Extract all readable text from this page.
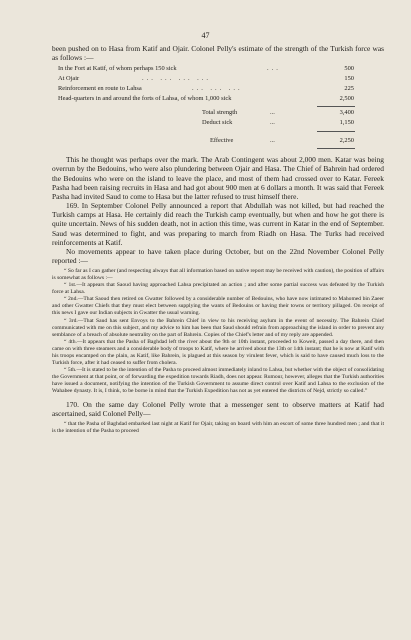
47

been pushed on to Hasa from Katif and Ojair. Colonel Pelly's estimate of the strength of the Turkish force was as follows :—

In the Fort at Katif, of whom perhaps 150 sick	...	500
At Ojair	... ... ... ...	150
Reinforcement en route to Lahsa	... ... ...	225
Head-quarters in and around the forts of Lahsa, of whom 1,000 sick	2,500
Total strength	...	3,400
Deduct sick	...	1,150
Effective	...	2,250

This he thought was perhaps over the mark. The Arab Contingent was about 2,000 men. Katar was being overrun by the Bedouins, who were also plundering between Ojair and Hasa. The Chief of Bahrein had ordered the Bedouins who were on the island to leave the place, and most of them had crossed over to Katar. Fereek Pasha had been raising recruits in Hasa and had got about 900 men at 6 dollars a month. It was said that Fereek Pasha had invited Saud to come to Hasa but the latter refused to trust himself there.

169. In September Colonel Pelly announced a report that Abdullah was not killed, but had reached the Turkish camps at Hasa. He certainly did reach the Turkish camp eventually, but when and how he got there is quite uncertain. News of his sudden death, not in action this time, was current in Katar in the end of September. Saud was determined to fight, and was preparing to march from Riadh on Hasa. The Turks had received reinforcements at Katif.

No movements appear to have taken place during October, but on the 22nd November Colonel Pelly reported :—

“ So far as I can gather (and respecting always that all information based on native report may be received with caution), the position of affairs is somewhat as follows :—

“ 1st.—It appears that Saoud having approached Lahsa precipitated an action ; and after some partial success was defeated by the Turkish force at Lahsa.

“ 2nd.—That Saoud then retired on Gwatter followed by a considerable number of Bedouins, who have now intimated to Mahomed bin Zaeer and other Gwatter Chiefs that they must elect between supplying the wants of Bedouins or having their towns or territory pillaged. On receipt of this news I gave our Indian subjects in Gwatter the usual warning.

“ 3rd.—That Saud has sent Envoys to the Bahrein Chief in view to his receiving asylum in the event of necessity. The Bahrein Chief communicated with me on this subject, and my advice to him has been that Saud should refrain from approaching the island in order to prevent any semblance of a breach of absolute neutrality on the part of Bahrein. Copies of the Chief's letter and of my reply are appended.

“ 4th.—It appears that the Pasha of Baghdad left the river about the 9th or 10th instant, proceeded to Koweit, passed a day there, and then came on with three steamers and a considerable body of troops to Katif, where he arrived about the 13th or 14th instant; that he is now at Katif with his troops encamped on the plain, as Katif, like Bahrein, is plagued at this season by virulent fever, which is said to have caused much loss to the Turkish force, after it had ceased to suffer from cholera.

“ 5th.—It is stated to be the intention of the Pasha to proceed almost immediately inland to Lahsa, but whether with the object of consolidating the Government at that point, or of forwarding the expedition towards Riadh, does not appear. Rumour, however, alleges that the Turkish authorities have issued a document, notifying the intention of the Turkish Government to assume direct control over Katif and Lahsa to the exclusion of the Wahabee dynasty. It is, I think, to be borne in mind that the Turkish Expedition has not as yet entered the districts of Nejd, strictly so called.”

170. On the same day Colonel Pelly wrote that a messenger sent to observe matters at Katif had ascertained, said Colonel Pelly—

“ that the Pasha of Baghdad embarked last night at Katif for Ojair, taking on board with him an escort of some three hundred men ; and that it is the intention of the Pasha to proceed
